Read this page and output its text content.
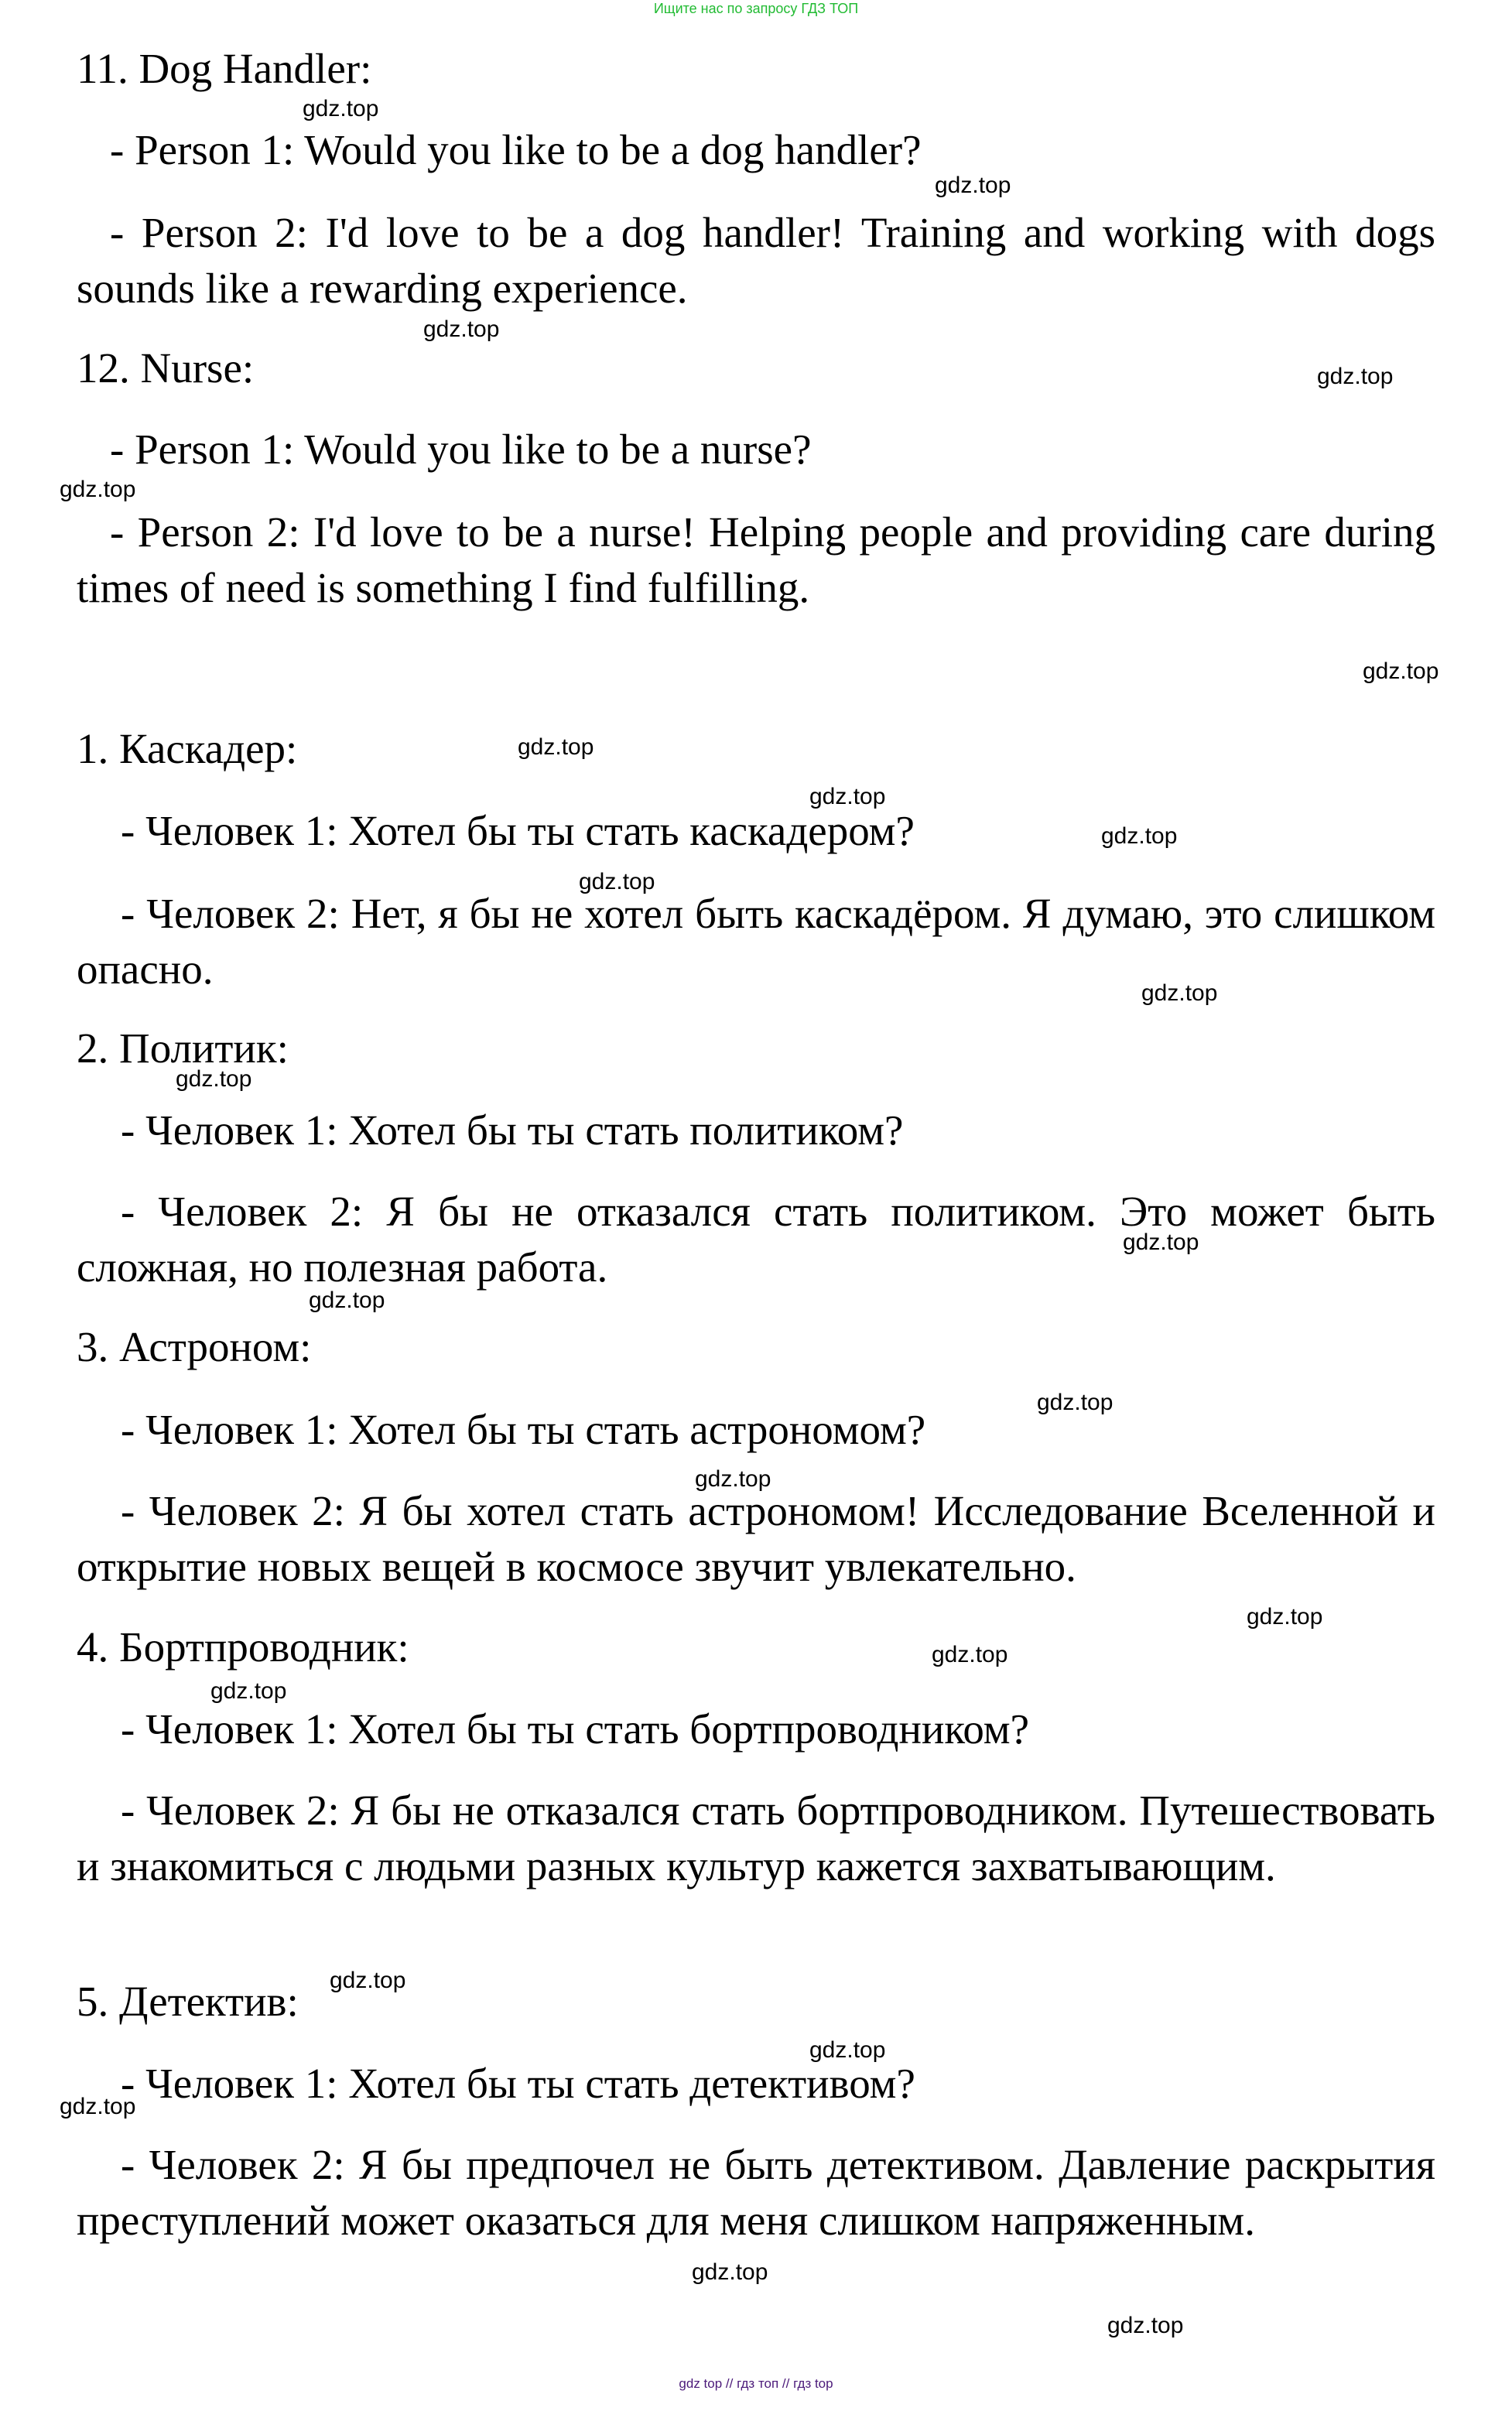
Ищите нас по запросу ГДЗ ТОП
11. Dog Handler:
- Person 1: Would you like to be a dog handler?
- Person 2: I'd love to be a dog handler! Training and working with dogs sounds like a rewarding experience.
12. Nurse:
- Person 1: Would you like to be a nurse?
- Person 2: I'd love to be a nurse! Helping people and providing care during times of need is something I find fulfilling.
1. Каскадер:
- Человек 1: Хотел бы ты стать каскадером?
- Человек 2: Нет, я бы не хотел быть каскадёром. Я думаю, это слишком опасно.
2. Политик:
- Человек 1: Хотел бы ты стать политиком?
- Человек 2: Я бы не отказался стать политиком. Это может быть сложная, но полезная работа.
3. Астроном:
- Человек 1: Хотел бы ты стать астрономом?
- Человек 2: Я бы хотел стать астрономом! Исследование Вселенной и открытие новых вещей в космосе звучит увлекательно.
4. Бортпроводник:
- Человек 1: Хотел бы ты стать бортпроводником?
- Человек 2: Я бы не отказался стать бортпроводником. Путешествовать и знакомиться с людьми разных культур кажется захватывающим.
5. Детектив:
- Человек 1: Хотел бы ты стать детективом?
- Человек 2: Я бы предпочел не быть детективом. Давление раскрытия преступлений может оказаться для меня слишком напряженным.
gdz.top
gdz.top
gdz.top
gdz.top
gdz.top
gdz.top
gdz.top
gdz.top
gdz.top
gdz.top
gdz.top
gdz.top
gdz.top
gdz.top
gdz.top
gdz.top
gdz.top
gdz.top
gdz.top
gdz.top
gdz.top
gdz.top
gdz.top
gdz.top
gdz top // гдз топ // гдз top
